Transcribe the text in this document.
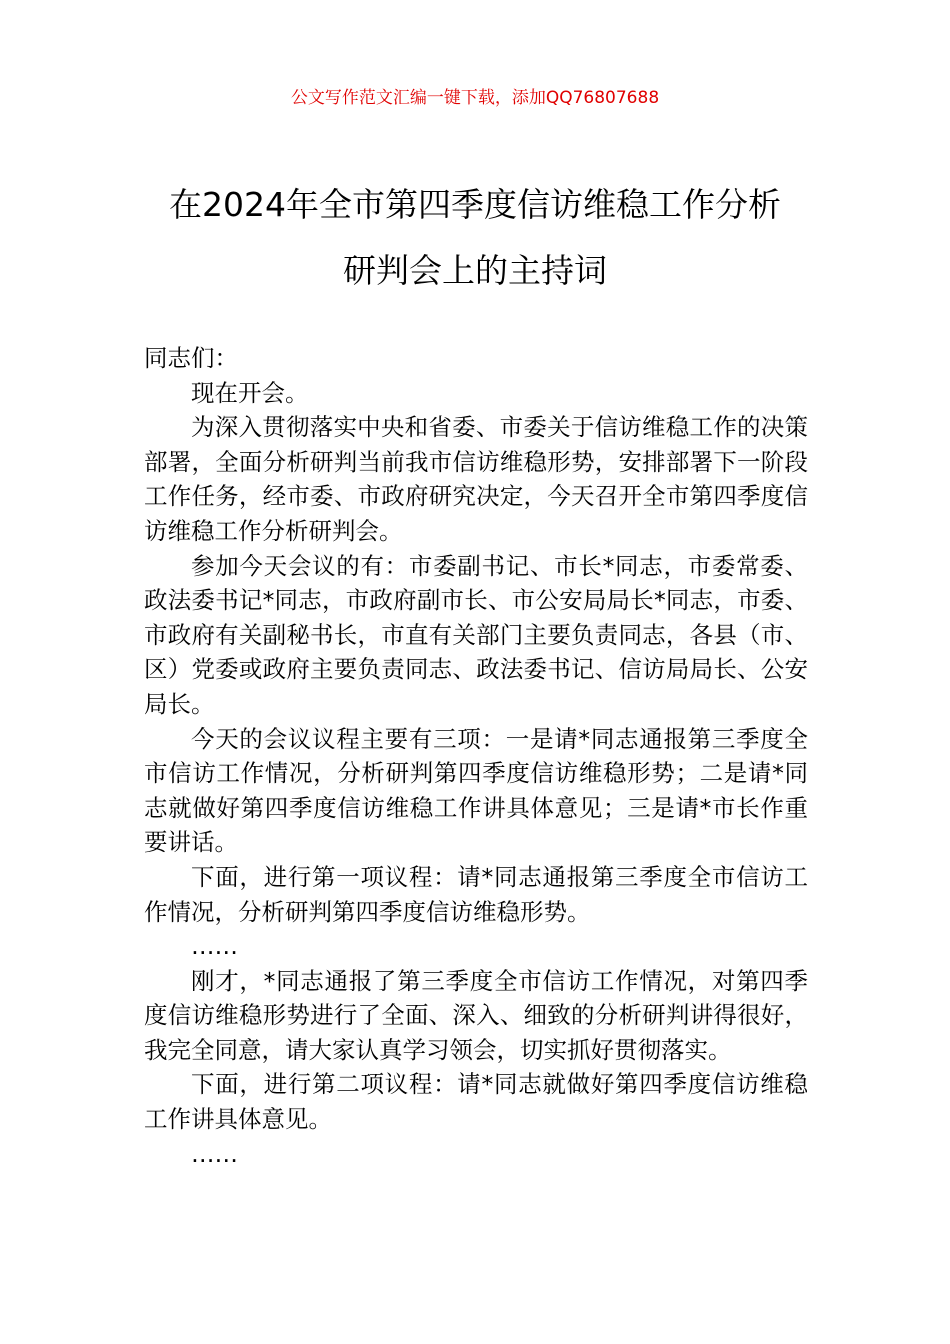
公文写作范文汇编一键下载，添加QQ76807688
在2024年全市第四季度信访维稳工作分析
研判会上的主持词

同志们：

现在开会。

为深入贯彻落实中央和省委、市委关于信访维稳工作的决策部署，全面分析研判当前我市信访维稳形势，安排部署下一阶段工作任务，经市委、市政府研究决定，今天召开全市第四季度信访维稳工作分析研判会。

参加今天会议的有：市委副书记、市长*同志，市委常委、政法委书记*同志，市政府副市长、市公安局局长*同志，市委、市政府有关副秘书长，市直有关部门主要负责同志，各县（市、区）党委或政府主要负责同志、政法委书记、信访局局长、公安局长。

今天的会议议程主要有三项：一是请*同志通报第三季度全市信访工作情况，分析研判第四季度信访维稳形势；二是请*同志就做好第四季度信访维稳工作讲具体意见；三是请*市长作重要讲话。

下面，进行第一项议程：请*同志通报第三季度全市信访工作情况，分析研判第四季度信访维稳形势。

……

刚才，*同志通报了第三季度全市信访工作情况，对第四季度信访维稳形势进行了全面、深入、细致的分析研判讲得很好，我完全同意，请大家认真学习领会，切实抓好贯彻落实。

下面，进行第二项议程：请*同志就做好第四季度信访维稳工作讲具体意见。

……
